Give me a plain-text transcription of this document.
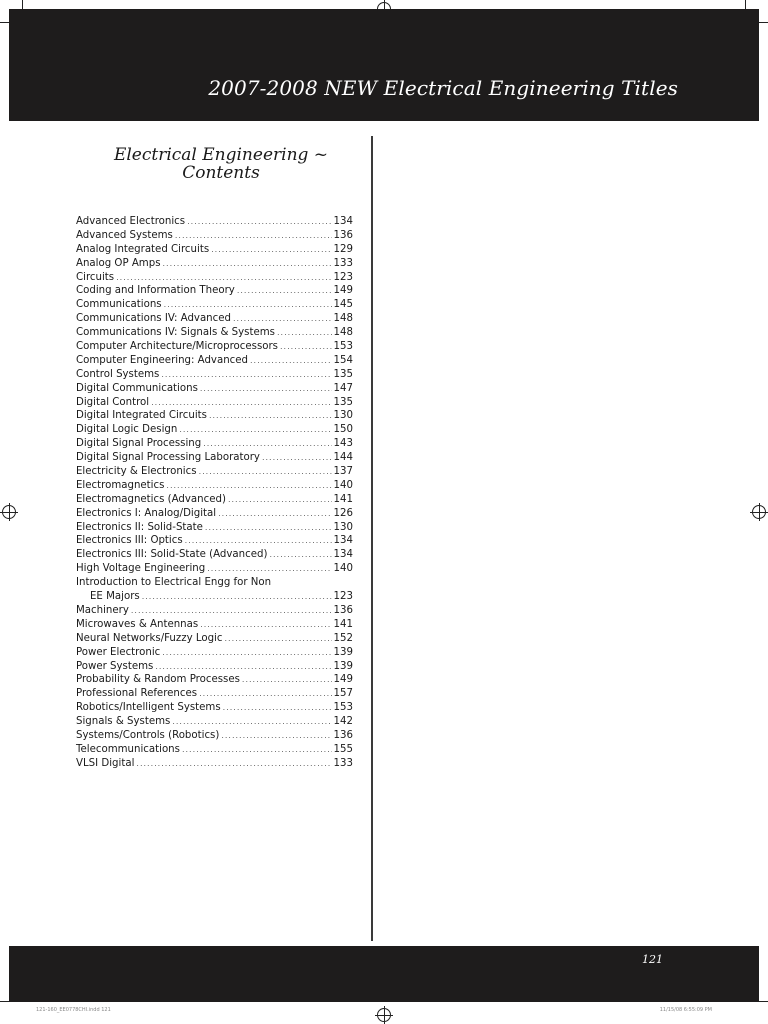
2007-2008 NEW Electrical Engineering Titles
Electrical Engineering ~
Contents
Advanced Electronics .....	134
Advanced Systems .....	136
Analog Integrated Circuits .....	129
Analog OP Amps .....	133
Circuits .....	123
Coding and Information Theory .....	149
Communications .....	145
Communications IV: Advanced .....	148
Communications IV: Signals & Systems .....	148
Computer Architecture/Microprocessors .....	153
Computer Engineering: Advanced .....	154
Control Systems .....	135
Digital Communications .....	147
Digital Control .....	135
Digital Integrated Circuits .....	130
Digital Logic Design .....	150
Digital Signal Processing .....	143
Digital Signal Processing Laboratory .....	144
Electricity & Electronics .....	137
Electromagnetics .....	140
Electromagnetics (Advanced) .....	141
Electronics I: Analog/Digital .....	126
Electronics II: Solid-State .....	130
Electronics III: Optics .....	134
Electronics III: Solid-State (Advanced) .....	134
High Voltage Engineering .....	140
Introduction to Electrical Engg for Non
EE Majors .....	123
Machinery .....	136
Microwaves & Antennas .....	141
Neural Networks/Fuzzy Logic .....	152
Power Electronic .....	139
Power Systems .....	139
Probability & Random Processes .....	149
Professional References .....	157
Robotics/Intelligent Systems .....	153
Signals & Systems .....	142
Systems/Controls (Robotics) .....	136
Telecommunications .....	155
VLSI Digital .....	133
121
121-160_EE0778CHI.indd 121	11/15/08 6:55:09 PM
